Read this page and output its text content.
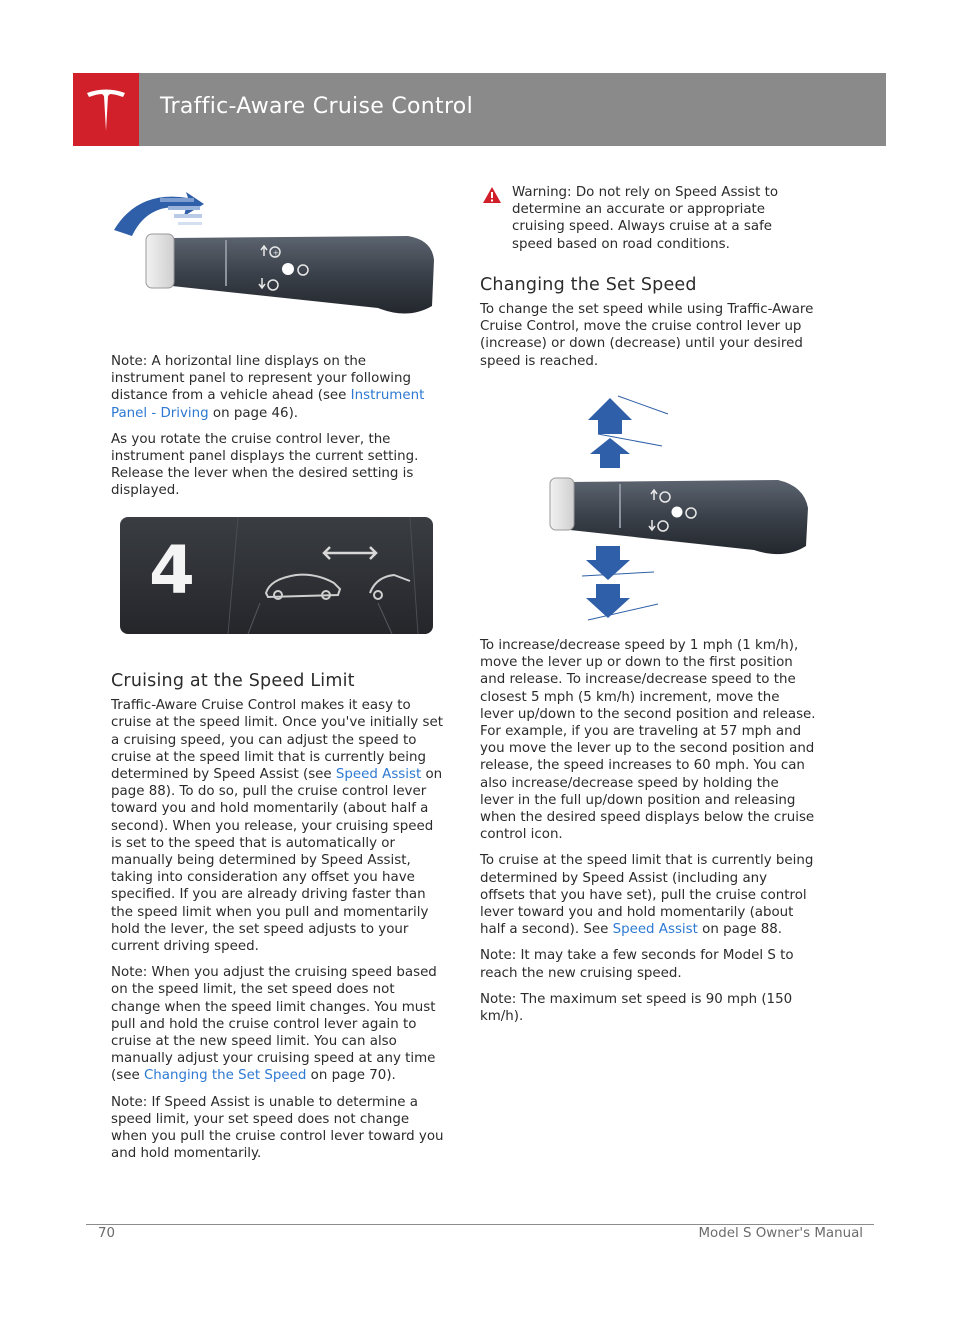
Traffic-Aware Cruise Control
+

Note: A horizontal line displays on the instrument panel to represent your following distance from a vehicle ahead (see Instrument Panel - Driving on page 46).

As you rotate the cruise control lever, the instrument panel displays the current setting. Release the lever when the desired setting is displayed.

4
Cruising at the Speed Limit

Traffic-Aware Cruise Control makes it easy to cruise at the speed limit. Once you've initially set a cruising speed, you can adjust the speed to cruise at the speed limit that is currently being determined by Speed Assist (see Speed Assist on page 88). To do so, pull the cruise control lever toward you and hold momentarily (about half a second). When you release, your cruising speed is set to the speed that is automatically or manually being determined by Speed Assist, taking into consideration any offset you have specified. If you are already driving faster than the speed limit when you pull and momentarily hold the lever, the set speed adjusts to your current driving speed.

Note: When you adjust the cruising speed based on the speed limit, the set speed does not change when the speed limit changes. You must pull and hold the cruise control lever again to cruise at the new speed limit. You can also manually adjust your cruising speed at any time (see Changing the Set Speed on page 70).

Note: If Speed Assist is unable to determine a speed limit, your set speed does not change when you pull the cruise control lever toward you and hold momentarily.

Warning: Do not rely on Speed Assist to determine an accurate or appropriate cruising speed. Always cruise at a safe speed based on road conditions.

Changing the Set Speed

To change the set speed while using Traffic-Aware Cruise Control, move the cruise control lever up (increase) or down (decrease) until your desired speed is reached.

To increase/decrease speed by 1 mph (1 km/h), move the lever up or down to the first position and release. To increase/decrease speed to the closest 5 mph (5 km/h) increment, move the lever up/down to the second position and release. For example, if you are traveling at 57 mph and you move the lever up to the second position and release, the speed increases to 60 mph. You can also increase/decrease speed by holding the lever in the full up/down position and releasing when the desired speed displays below the cruise control icon.

To cruise at the speed limit that is currently being determined by Speed Assist (including any offsets that you have set), pull the cruise control lever toward you and hold momentarily (about half a second). See Speed Assist on page 88.

Note: It may take a few seconds for Model S to reach the new cruising speed.

Note: The maximum set speed is 90 mph (150 km/h).

70	Model S Owner's Manual
